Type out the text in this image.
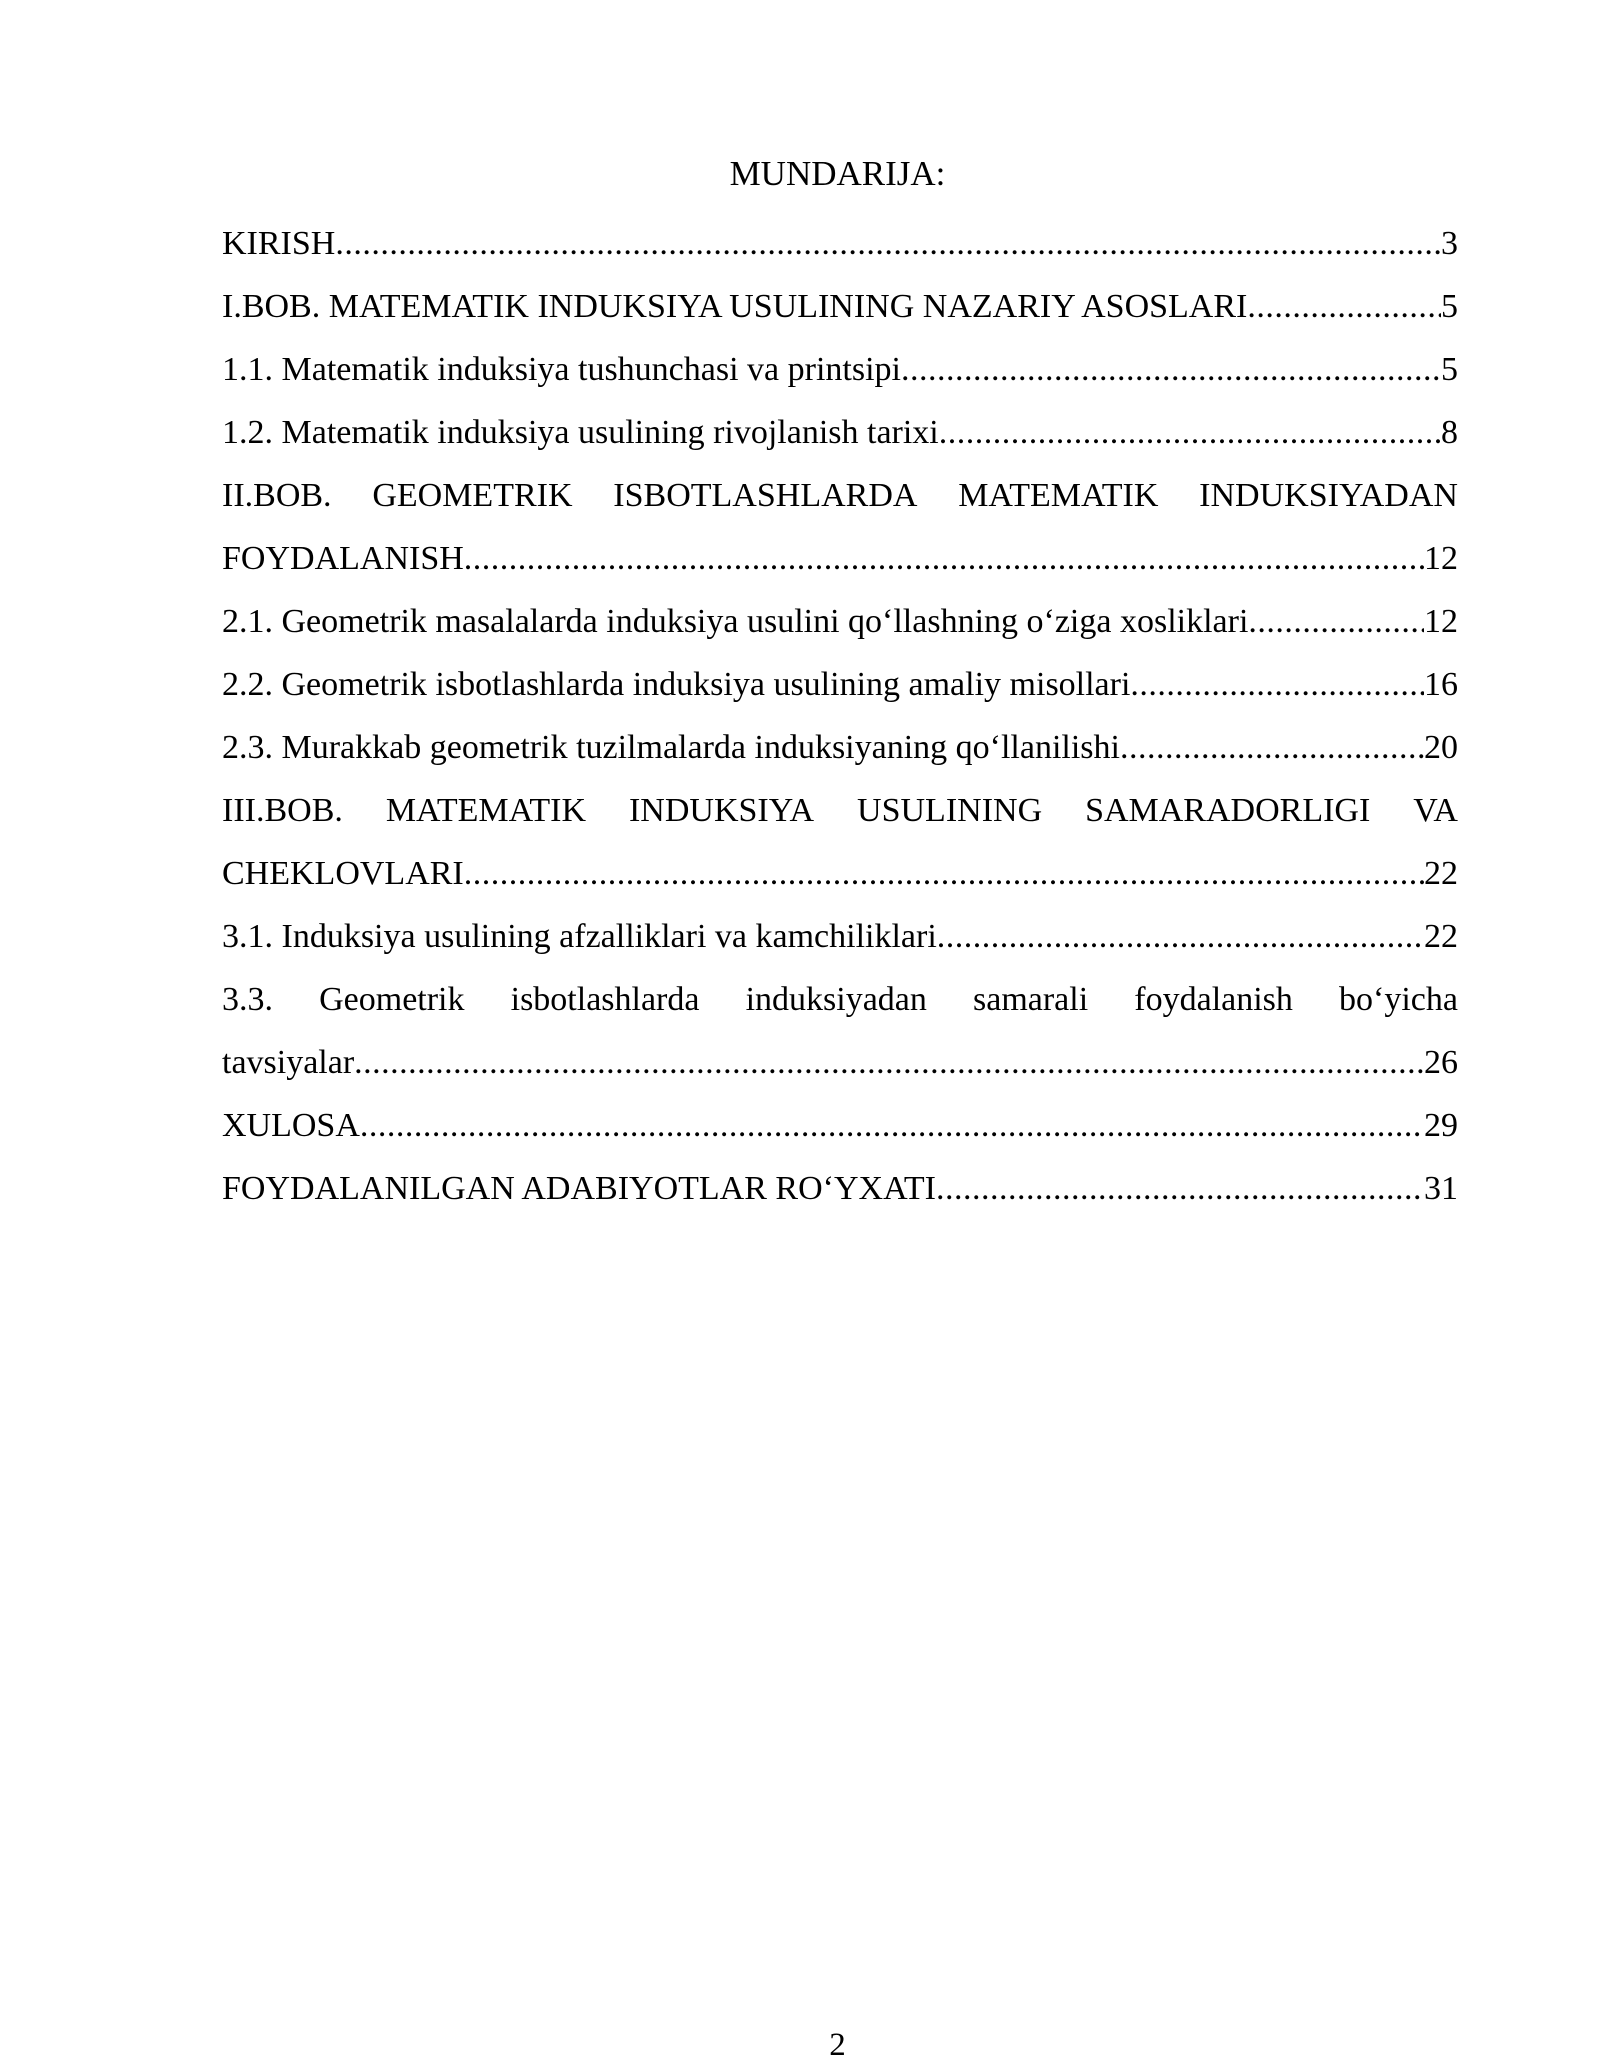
MUNDARIJA:
KIRISH .....	3
I.BOB. MATEMATIK INDUKSIYA USULINING NAZARIY ASOSLARI .....	5
1.1. Matematik induksiya tushunchasi va printsipi .....	5
1.2. Matematik induksiya usulining rivojlanish tarixi .....	8
II.BOB. GEOMETRIK ISBOTLASHLARDA MATEMATIK INDUKSIYADAN
FOYDALANISH .....	12
2.1. Geometrik masalalarda induksiya usulini qo‘llashning o‘ziga xosliklari .....	12
2.2. Geometrik isbotlashlarda induksiya usulining amaliy misollari .....	16
2.3. Murakkab geometrik tuzilmalarda induksiyaning qo‘llanilishi .....	20
III.BOB. MATEMATIK INDUKSIYA USULINING SAMARADORLIGI VA
CHEKLOVLARI .....	22
3.1. Induksiya usulining afzalliklari va kamchiliklari .....	22
3.3. Geometrik isbotlashlarda induksiyadan samarali foydalanish bo‘yicha
tavsiyalar .....	26
XULOSA .....	29
FOYDALANILGAN ADABIYOTLAR RO‘YXATI .....	31
2
